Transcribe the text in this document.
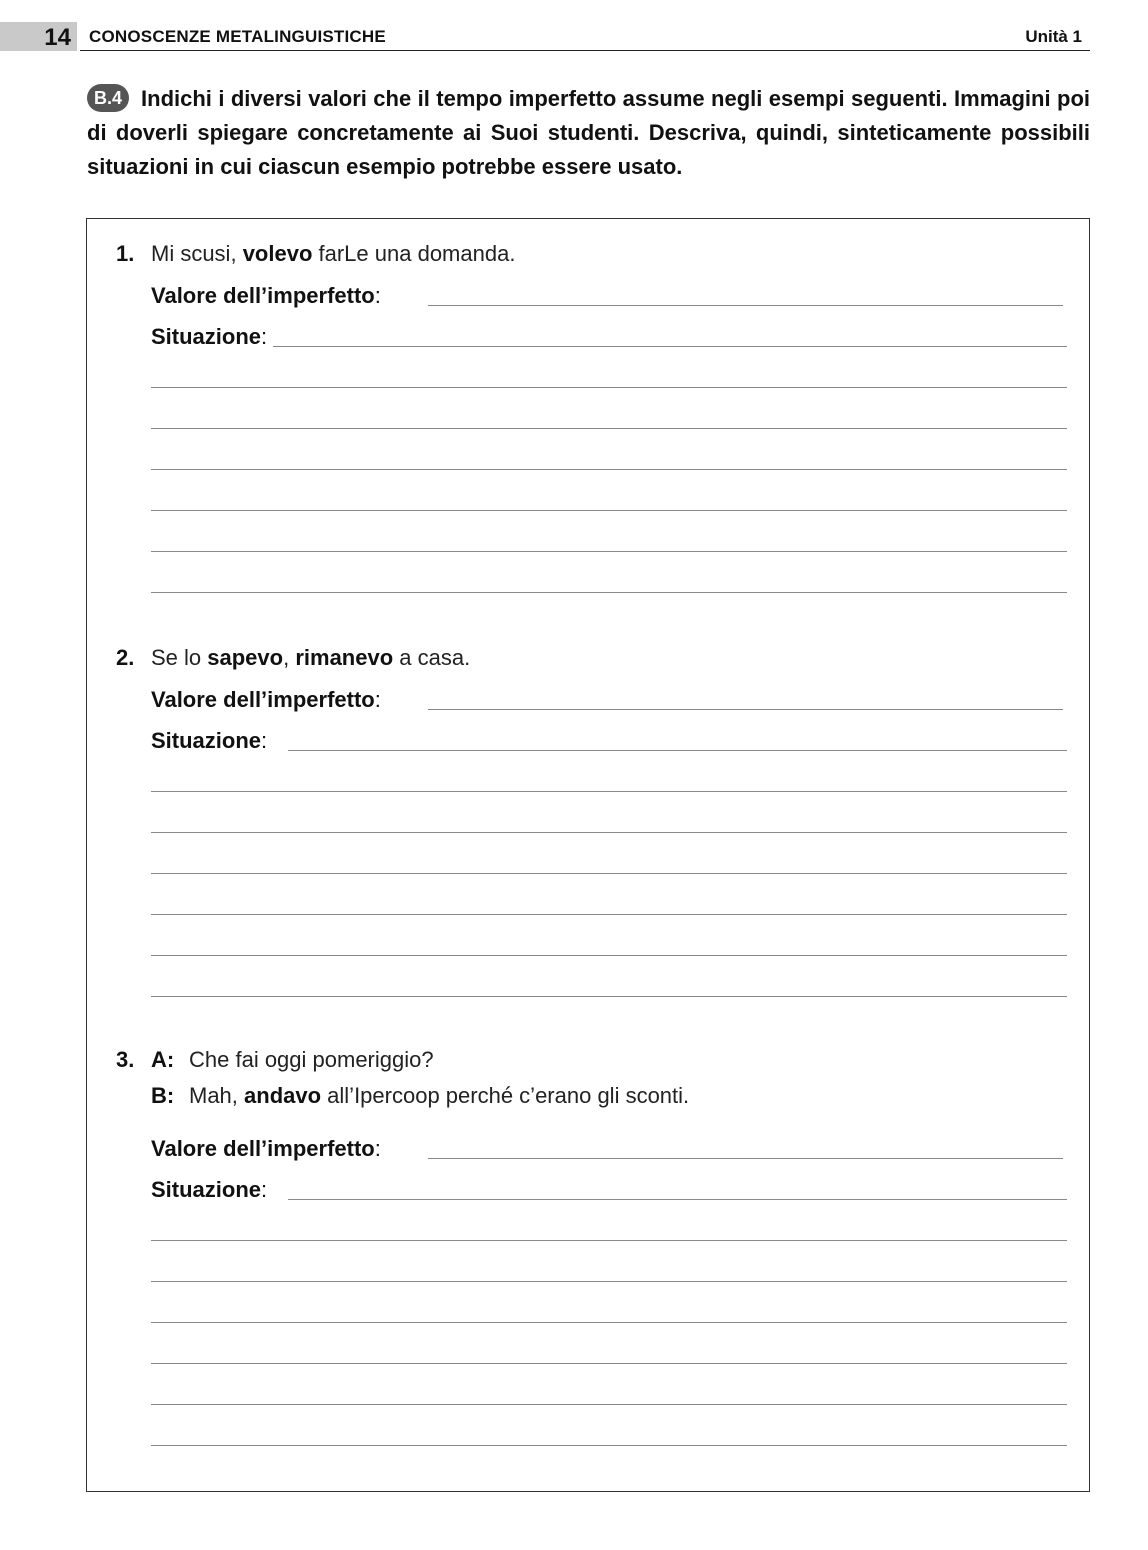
14	CONOSCENZE METALINGUISTICHE	Unità 1
B.4 Indichi i diversi valori che il tempo imperfetto assume negli esempi seguenti. Immagini poi di doverli spiegare concretamente ai Suoi studenti. Descriva, quindi, sinteticamente possibili situazioni in cui ciascun esempio potrebbe essere usato.
1. Mi scusi, volevo farLe una domanda.
Valore dell’imperfetto:
Situazione:
2. Se lo sapevo, rimanevo a casa.
Valore dell’imperfetto:
Situazione:
3. A: Che fai oggi pomeriggio?
B: Mah, andavo all’Ipercoop perché c’erano gli sconti.
Valore dell’imperfetto:
Situazione:
